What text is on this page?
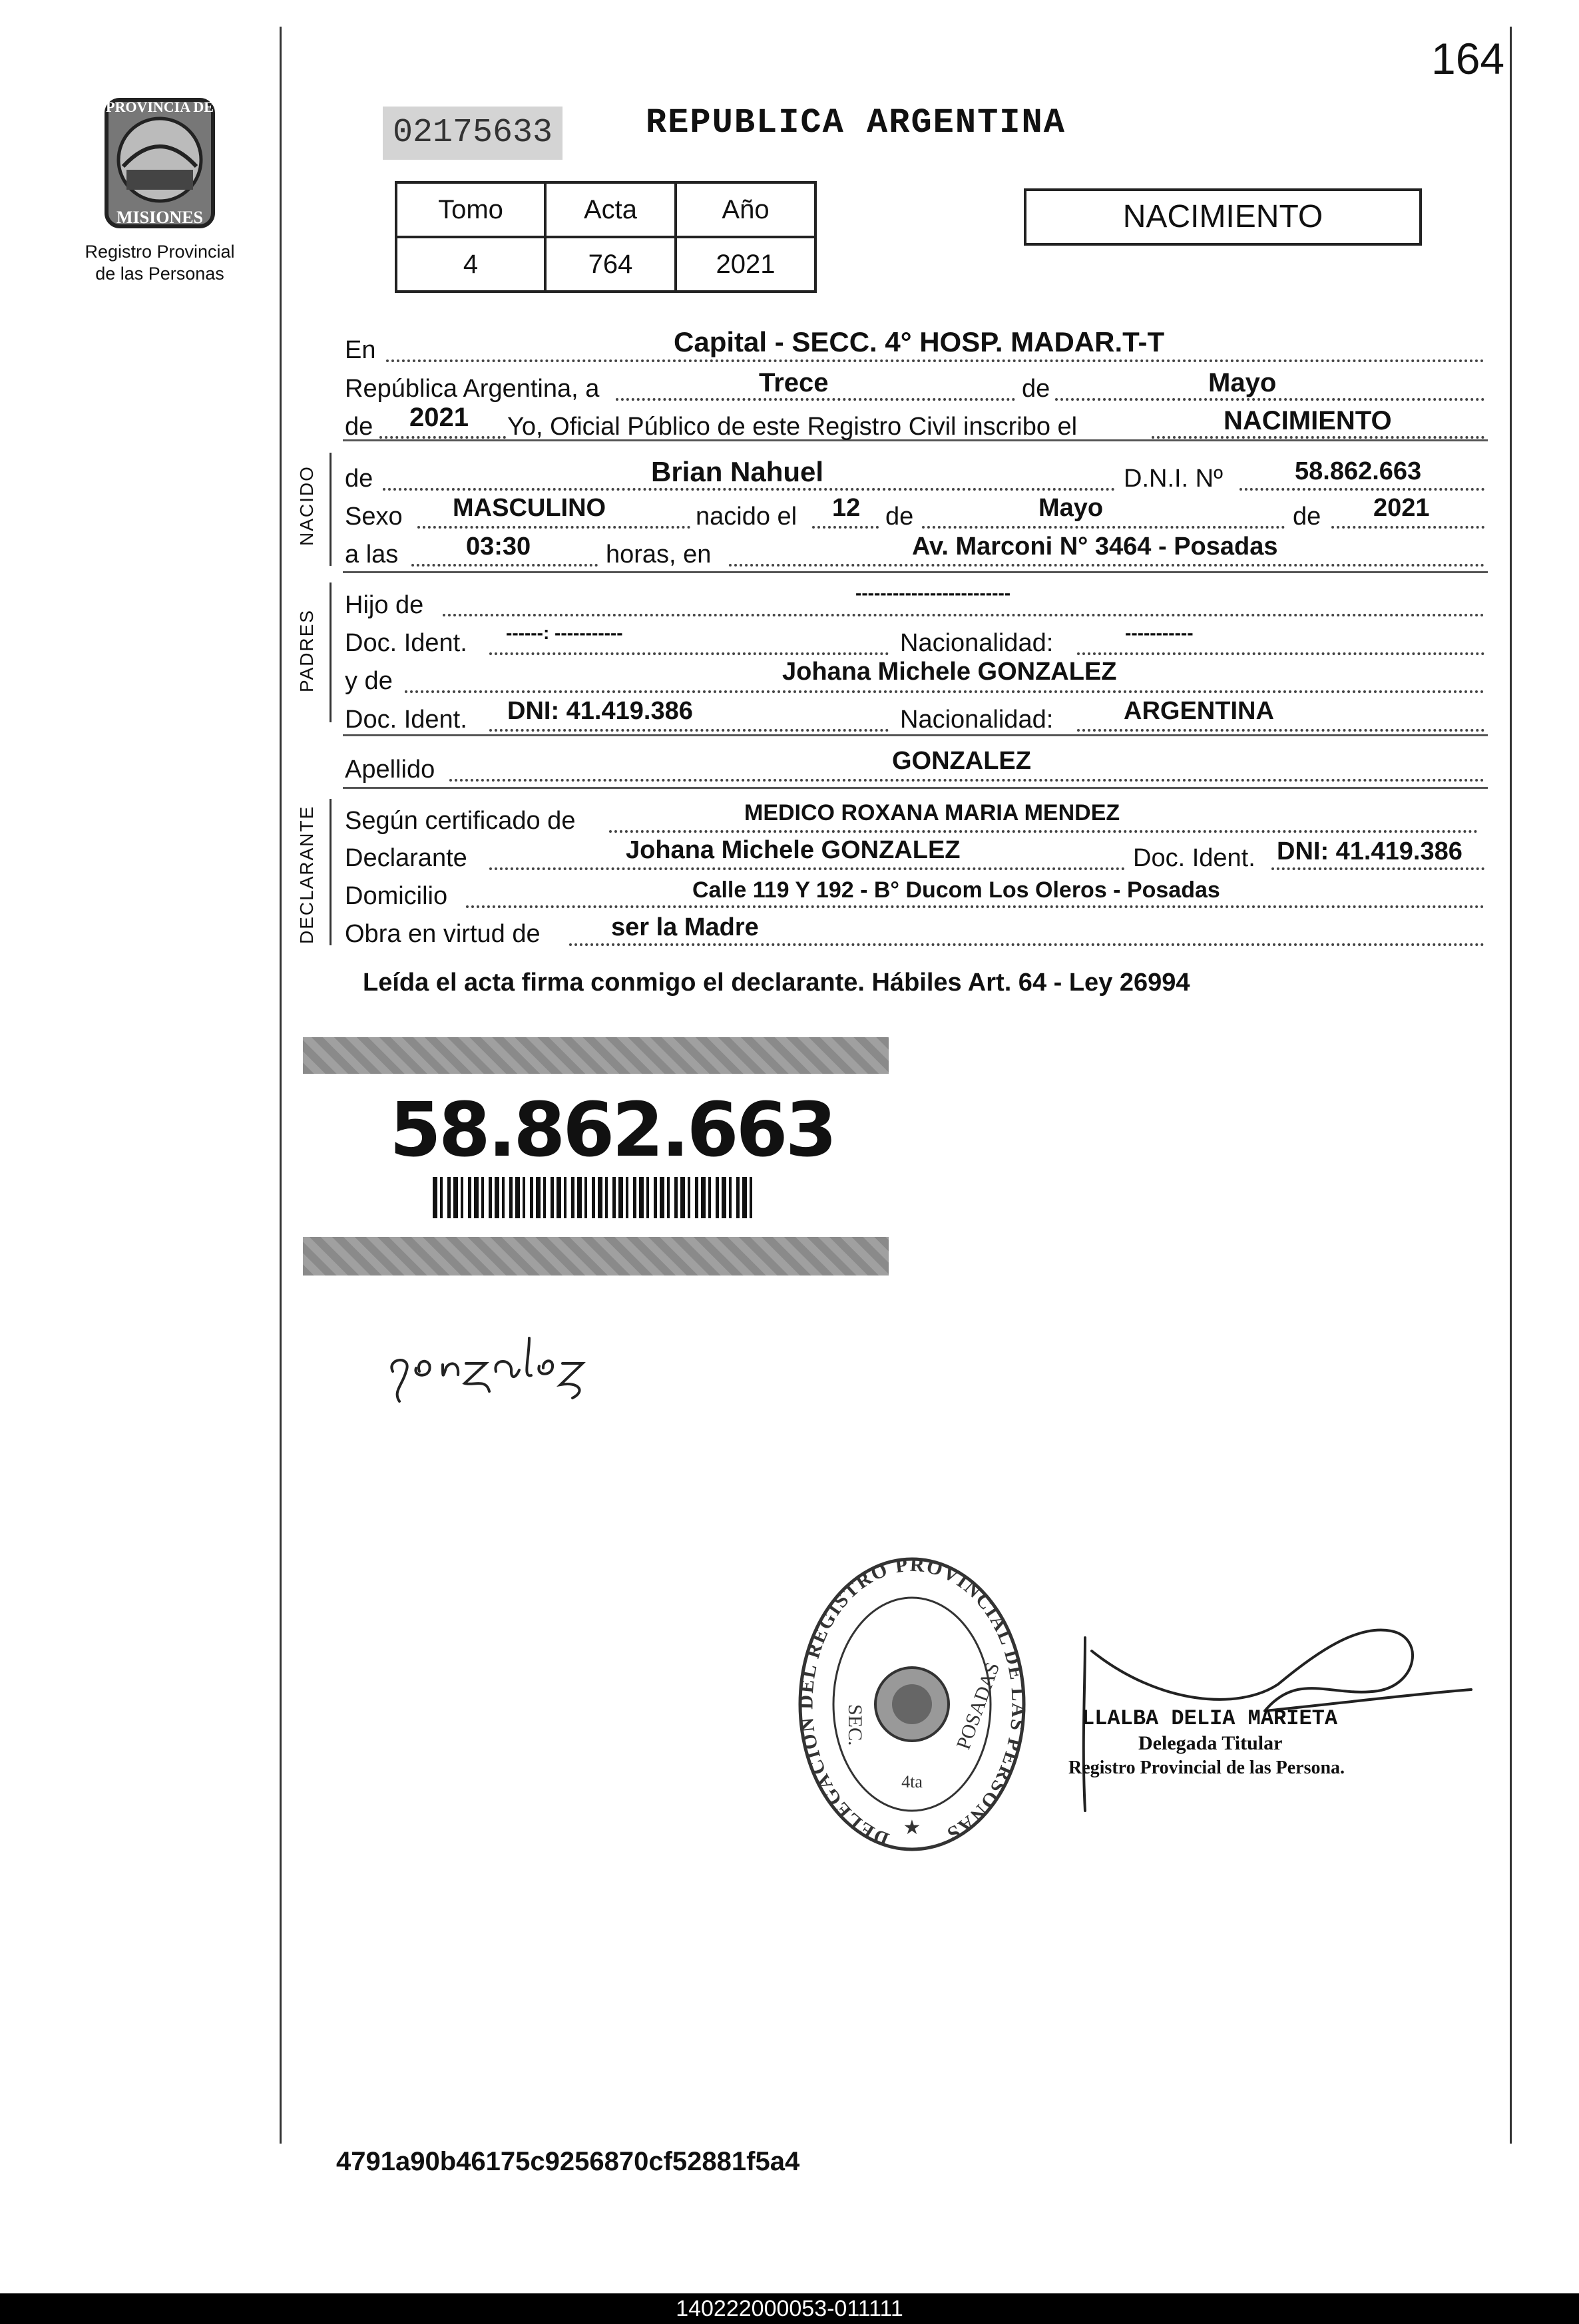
164
PROVINCIA DE
MISIONES
Registro Provincial
de las Personas
02175633	REPUBLICA ARGENTINA
Tomo	Acta	Año
4	764	2021
NACIMIENTO
NACIDO
PADRES
DECLARANTE
En	Capital - SECC. 4° HOSP. MADAR.T-T
República Argentina, a	Trece	de	Mayo
de 2021 Yo, Oficial Público de este Registro Civil inscribo el	NACIMIENTO
de	Brian Nahuel	D.N.I. Nº	58.862.663
Sexo MASCULINO	nacido el 12 de	Mayo	de 2021
a las	03:30	horas, en	Av. Marconi N° 3464 - Posadas
Hijo de	-------------------------
Doc. Ident. ------: -----------	Nacionalidad:	-----------
y de	Johana Michele GONZALEZ
Doc. Ident. DNI: 41.419.386	Nacionalidad:	ARGENTINA
Apellido	GONZALEZ
Según certificado de	MEDICO ROXANA MARIA MENDEZ
Declarante	Johana Michele GONZALEZ	Doc. Ident. DNI: 41.419.386
Domicilio	Calle 119 Y 192 - B° Ducom Los Oleros - Posadas
Obra en virtud de	ser la Madre
Leída el acta firma conmigo el declarante. Hábiles Art. 64 - Ley 26994
58.862.663
DELEGACION DEL REGISTRO PROVINCIAL DE LAS PERSONAS
SEC.
4ta
POSADAS
★
LLALBA DELIA MARIETA
Delegada Titular
Registro Provincial de las Persona.
4791a90b46175c9256870cf52881f5a4
140222000053-011111
